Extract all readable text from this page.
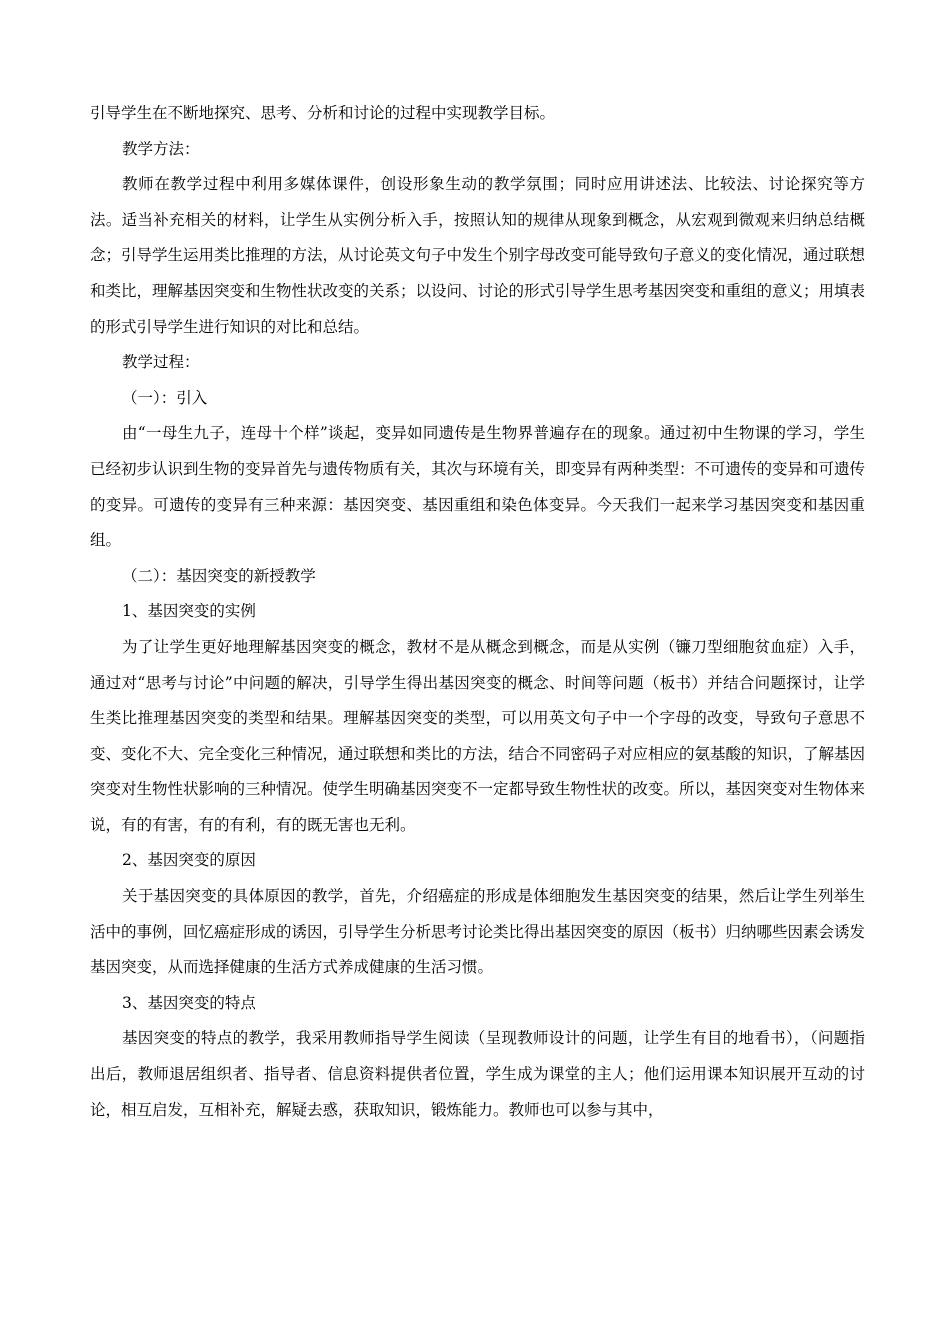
引导学生在不断地探究、思考、分析和讨论的过程中实现教学目标。

教学方法：

教师在教学过程中利用多媒体课件，创设形象生动的教学氛围；同时应用讲述法、比较法、讨论探究等方法。适当补充相关的材料，让学生从实例分析入手，按照认知的规律从现象到概念，从宏观到微观来归纳总结概念；引导学生运用类比推理的方法，从讨论英文句子中发生个别字母改变可能导致句子意义的变化情况，通过联想和类比，理解基因突变和生物性状改变的关系；以设问、讨论的形式引导学生思考基因突变和重组的意义；用填表的形式引导学生进行知识的对比和总结。

教学过程：

（一）：引入

由“一母生九子，连母十个样”谈起，变异如同遗传是生物界普遍存在的现象。通过初中生物课的学习，学生已经初步认识到生物的变异首先与遗传物质有关，其次与环境有关，即变异有两种类型：不可遗传的变异和可遗传的变异。可遗传的变异有三种来源：基因突变、基因重组和染色体变异。今天我们一起来学习基因突变和基因重组。

（二）：基因突变的新授教学

1、基因突变的实例

为了让学生更好地理解基因突变的概念，教材不是从概念到概念，而是从实例（镰刀型细胞贫血症）入手，通过对“思考与讨论”中问题的解决，引导学生得出基因突变的概念、时间等问题（板书）并结合问题探讨，让学生类比推理基因突变的类型和结果。理解基因突变的类型，可以用英文句子中一个字母的改变，导致句子意思不变、变化不大、完全变化三种情况，通过联想和类比的方法，结合不同密码子对应相应的氨基酸的知识，了解基因突变对生物性状影响的三种情况。使学生明确基因突变不一定都导致生物性状的改变。所以，基因突变对生物体来说，有的有害，有的有利，有的既无害也无利。

2、基因突变的原因

关于基因突变的具体原因的教学，首先，介绍癌症的形成是体细胞发生基因突变的结果，然后让学生列举生活中的事例，回忆癌症形成的诱因，引导学生分析思考讨论类比得出基因突变的原因（板书）归纳哪些因素会诱发基因突变，从而选择健康的生活方式养成健康的生活习惯。

3、基因突变的特点

基因突变的特点的教学，我采用教师指导学生阅读（呈现教师设计的问题，让学生有目的地看书），（问题指出后，教师退居组织者、指导者、信息资料提供者位置，学生成为课堂的主人；他们运用课本知识展开互动的讨论，相互启发，互相补充，解疑去惑，获取知识，锻炼能力。教师也可以参与其中，
